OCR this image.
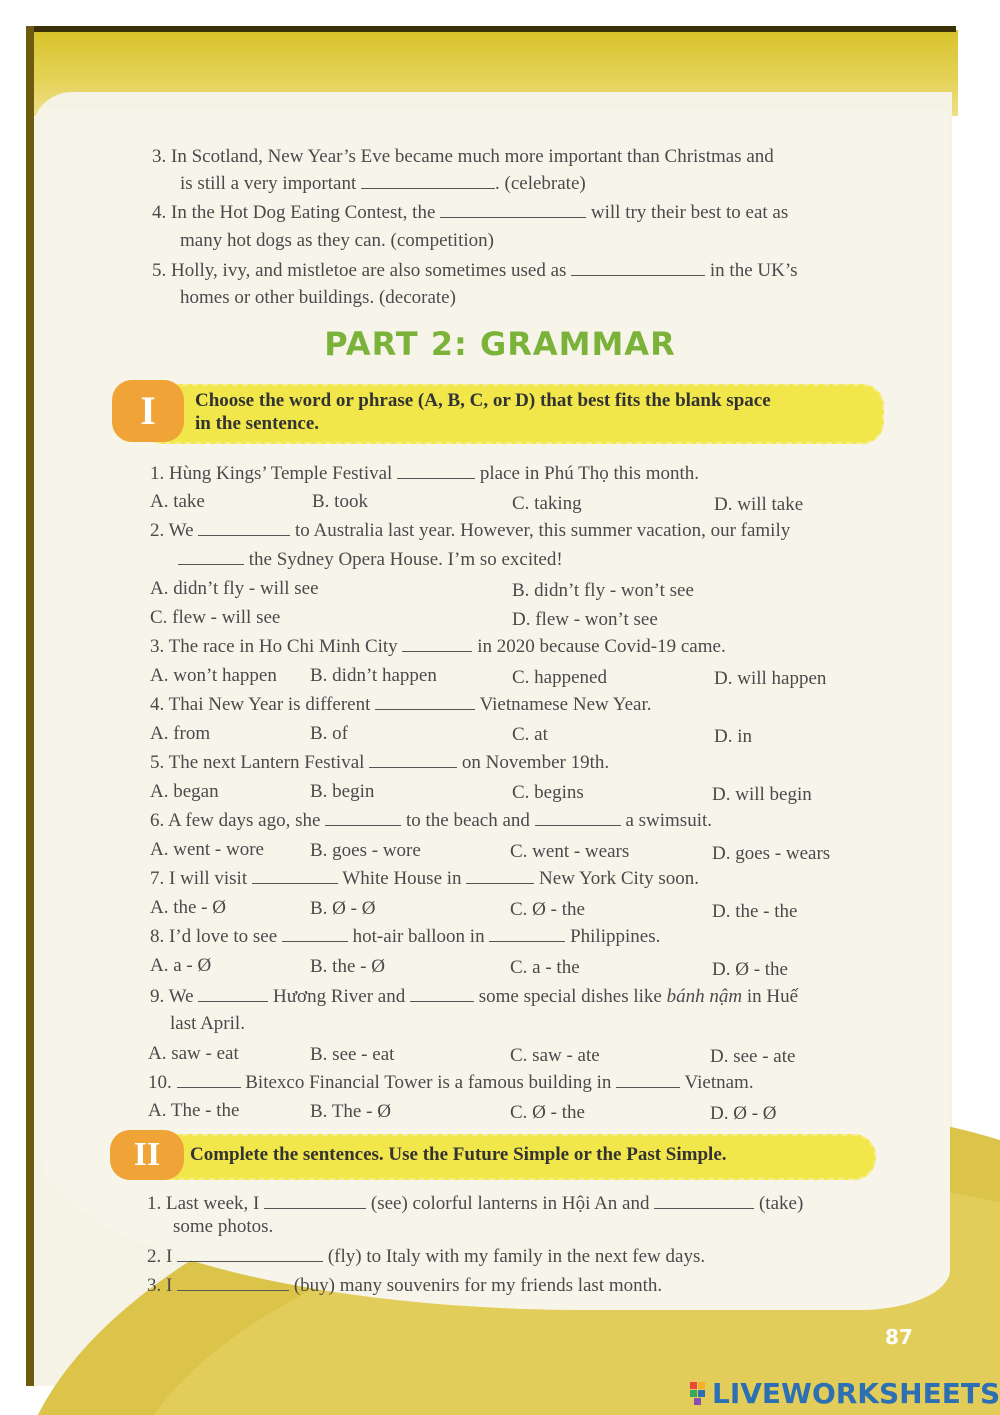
3. In Scotland, New Year’s Eve became much more important than Christmas and
is still a very important	. (celebrate)
4. In the Hot Dog Eating Contest, the	will try their best to eat as
many hot dogs as they can. (competition)
5. Holly, ivy, and mistletoe are also sometimes used as	in the UK’s
homes or other buildings. (decorate)
PART 2: GRAMMAR
I	Choose the word or phrase (A, B, C, or D) that best fits the blank space
in the sentence.
1. Hùng Kings’ Temple Festival	place in Phú Thọ this month.
A. take	B. took	C. taking	D. will take
2. We	to Australia last year. However, this summer vacation, our family
the Sydney Opera House. I’m so excited!
A. didn’t fly - will see	B. didn’t fly - won’t see
C. flew - will see	D. flew - won’t see
3. The race in Ho Chi Minh City	in 2020 because Covid-19 came.
A. won’t happen B. didn’t happen	C. happened	D. will happen
4. Thai New Year is different	Vietnamese New Year.
A. from	B. of	C. at	D. in
5. The next Lantern Festival	on November 19th.
A. began	B. begin	C. begins	D. will begin
6. A few days ago, she	to the beach and	a swimsuit.
A. went - wore B. goes - wore	C. went - wears	D. goes - wears
7. I will visit	White House in	New York City soon.
A. the - Ø	B. Ø - Ø	C. Ø - the	D. the - the
8. I’d love to see	hot-air balloon in	Philippines.
A. a - Ø	B. the - Ø	C. a - the	D. Ø - the
9. We	Hương River and	some special dishes like bánh nậm in Huế
last April.
A. saw - eat	B. see - eat	C. saw - ate	D. see - ate
10.	Bitexco Financial Tower is a famous building in	Vietnam.
A. The - the	B. The - Ø	C. Ø - the	D. Ø - Ø
II	Complete the sentences. Use the Future Simple or the Past Simple.
1. Last week, I	(see) colorful lanterns in Hội An and	(take)
some photos.
2. I	(fly) to Italy with my family in the next few days.
3. I	(buy) many souvenirs for my friends last month.
87
LIVEWORKSHEETS
